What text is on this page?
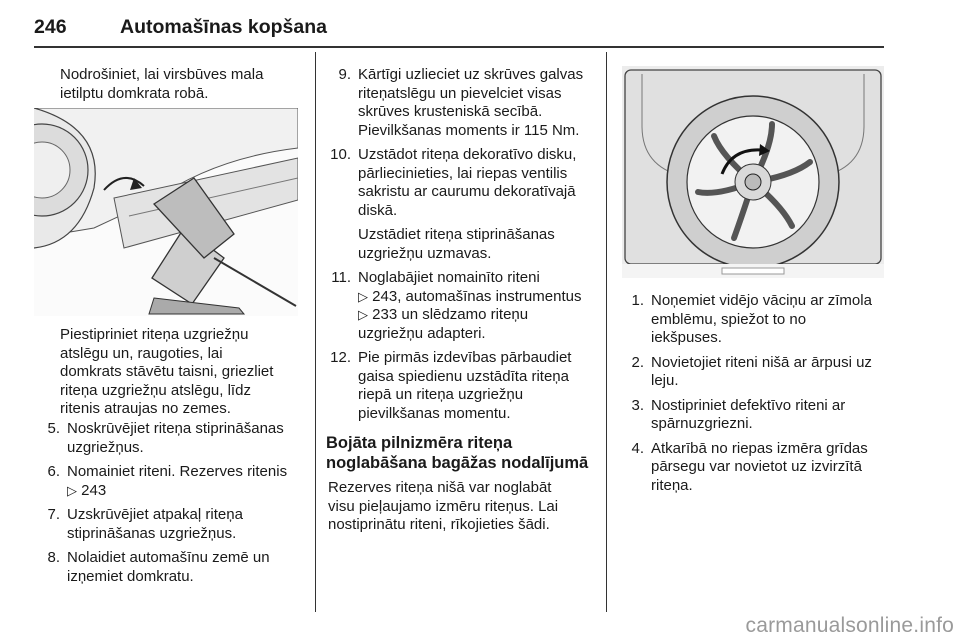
246	Automašīnas kopšana
Nodrošiniet, lai virsbūves mala
ietilptu domkrata robā.
Piestipriniet riteņa uzgriežņu
atslēgu un, raugoties, lai
domkrats stāvētu taisni, griezliet
riteņa uzgriežņu atslēgu, līdz
ritenis atraujas no zemes.
5. Noskrūvējiet riteņa stiprināšanas
uzgriežņus.
6. Nomainiet riteni. Rezerves ritenis
▷ 243
7. Uzskrūvējiet atpakaļ riteņa
stiprināšanas uzgriežņus.
8. Nolaidiet automašīnu zemē un
izņemiet domkratu.
9. Kārtīgi uzlieciet uz skrūves galvas
riteņatslēgu un pievelciet visas
skrūves krusteniskā secībā.
Pievilkšanas moments ir 115 Nm.
10. Uzstādot riteņa dekoratīvo disku,
pārliecinieties, lai riepas ventilis
sakristu ar caurumu dekoratīvajā
diskā.
Uzstādiet riteņa stiprināšanas
uzgriežņu uzmavas.
11. Noglabājiet nomainīto riteni
▷ 243, automašīnas instrumentus
▷ 233 un slēdzamo riteņu
uzgriežņu adapteri.
12. Pie pirmās izdevības pārbaudiet
gaisa spiedienu uzstādīta riteņa
riepā un riteņa uzgriežņu
pievilkšanas momentu.
Bojāta pilnizmēra riteņa
noglabāšana bagāžas nodalījumā
Rezerves riteņa nišā var noglabāt
visu pieļaujamo izmēru riteņus. Lai
nostiprinātu riteni, rīkojieties šādi.
1. Noņemiet vidējo vāciņu ar zīmola
emblēmu, spiežot to no
iekšpuses.
2. Novietojiet riteni nišā ar ārpusi uz
leju.
3. Nostipriniet defektīvo riteni ar
spārnuzgriezni.
4. Atkarībā no riepas izmēra grīdas
pārsegu var novietot uz izvirzītā
riteņa.
carmanualsonline.info
